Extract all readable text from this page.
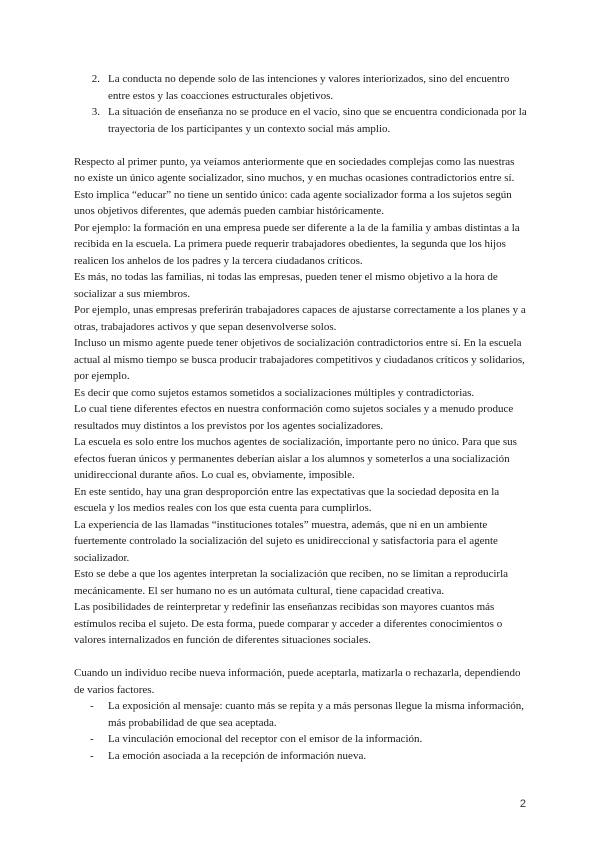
2. La conducta no depende solo de las intenciones y valores interiorizados, sino del encuentro entre estos y las coacciones estructurales objetivos.
3. La situación de enseñanza no se produce en el vacío, sino que se encuentra condicionada por la trayectoria de los participantes y un contexto social más amplio.

Respecto al primer punto, ya veíamos anteriormente que en sociedades complejas como las nuestras no existe un único agente socializador, sino muchos, y en muchas ocasiones contradictorios entre sí.

Esto implica “educar” no tiene un sentido único: cada agente socializador forma a los sujetos según unos objetivos diferentes, que además pueden cambiar históricamente.

Por ejemplo: la formación en una empresa puede ser diferente a la de la familia y ambas distintas a la recibida en la escuela. La primera puede requerir trabajadores obedientes, la segunda que los hijos realicen los anhelos de los padres y la tercera ciudadanos críticos.

Es más, no todas las familias, ni todas las empresas, pueden tener el mismo objetivo a la hora de socializar a sus miembros.

Por ejemplo, unas empresas preferirán trabajadores capaces de ajustarse correctamente a los planes y a otras, trabajadores activos y que sepan desenvolverse solos.

Incluso un mismo agente puede tener objetivos de socialización contradictorios entre sí. En la escuela actual al mismo tiempo se busca producir trabajadores competitivos y ciudadanos críticos y solidarios, por ejemplo.

Es decir que como sujetos estamos sometidos a socializaciones múltiples y contradictorias.

Lo cual tiene diferentes efectos en nuestra conformación como sujetos sociales y a menudo produce resultados muy distintos a los previstos por los agentes socializadores.

La escuela es solo entre los muchos agentes de socialización, importante pero no único. Para que sus efectos fueran únicos y permanentes deberían aislar a los alumnos y someterlos a una socialización unidireccional durante años. Lo cual es, obviamente, imposible.

En este sentido, hay una gran desproporción entre las expectativas que la sociedad deposita en la escuela y los medios reales con los que esta cuenta para cumplirlos.

La experiencia de las llamadas “instituciones totales” muestra, además, que ni en un ambiente fuertemente controlado la socialización del sujeto es unidireccional y satisfactoria para el agente socializador.

Esto se debe a que los agentes interpretan la socialización que reciben, no se limitan a reproducirla mecánicamente. El ser humano no es un autómata cultural, tiene capacidad creativa.

Las posibilidades de reinterpretar y redefinir las enseñanzas recibidas son mayores cuantos más estímulos reciba el sujeto. De esta forma, puede comparar y acceder a diferentes conocimientos o valores internalizados en función de diferentes situaciones sociales.

Cuando un individuo recibe nueva información, puede aceptarla, matizarla o rechazarla, dependiendo de varios factores.

-	La exposición al mensaje: cuanto más se repita y a más personas llegue la misma información, más probabilidad de que sea aceptada.
-	La vinculación emocional del receptor con el emisor de la información.
-	La emoción asociada a la recepción de información nueva.
2
